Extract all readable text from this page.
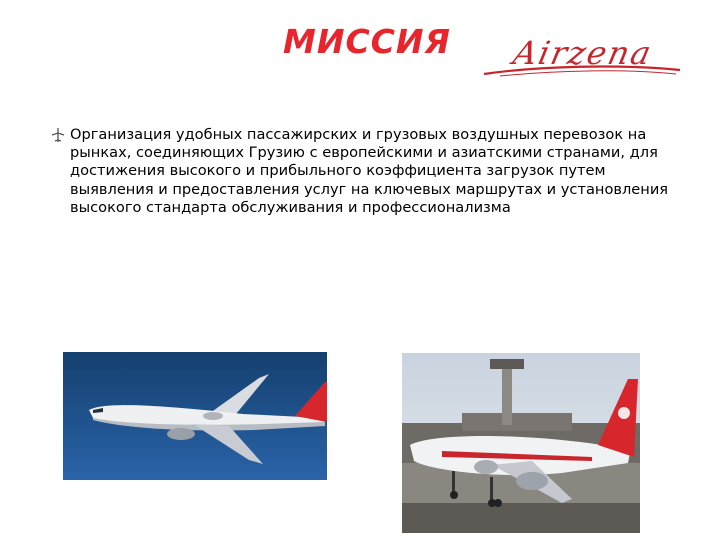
МИССИЯ Airzena
Организация удобных пассажирских и грузовых воздушных перевозок на рынках, соединяющих Грузию с европейскими и азиатскими странами, для достижения высокого и прибыльного коэффициента загрузок путем выявления и предоставления услуг на ключевых маршрутах и установления высокого стандарта обслуживания и профессионализма
